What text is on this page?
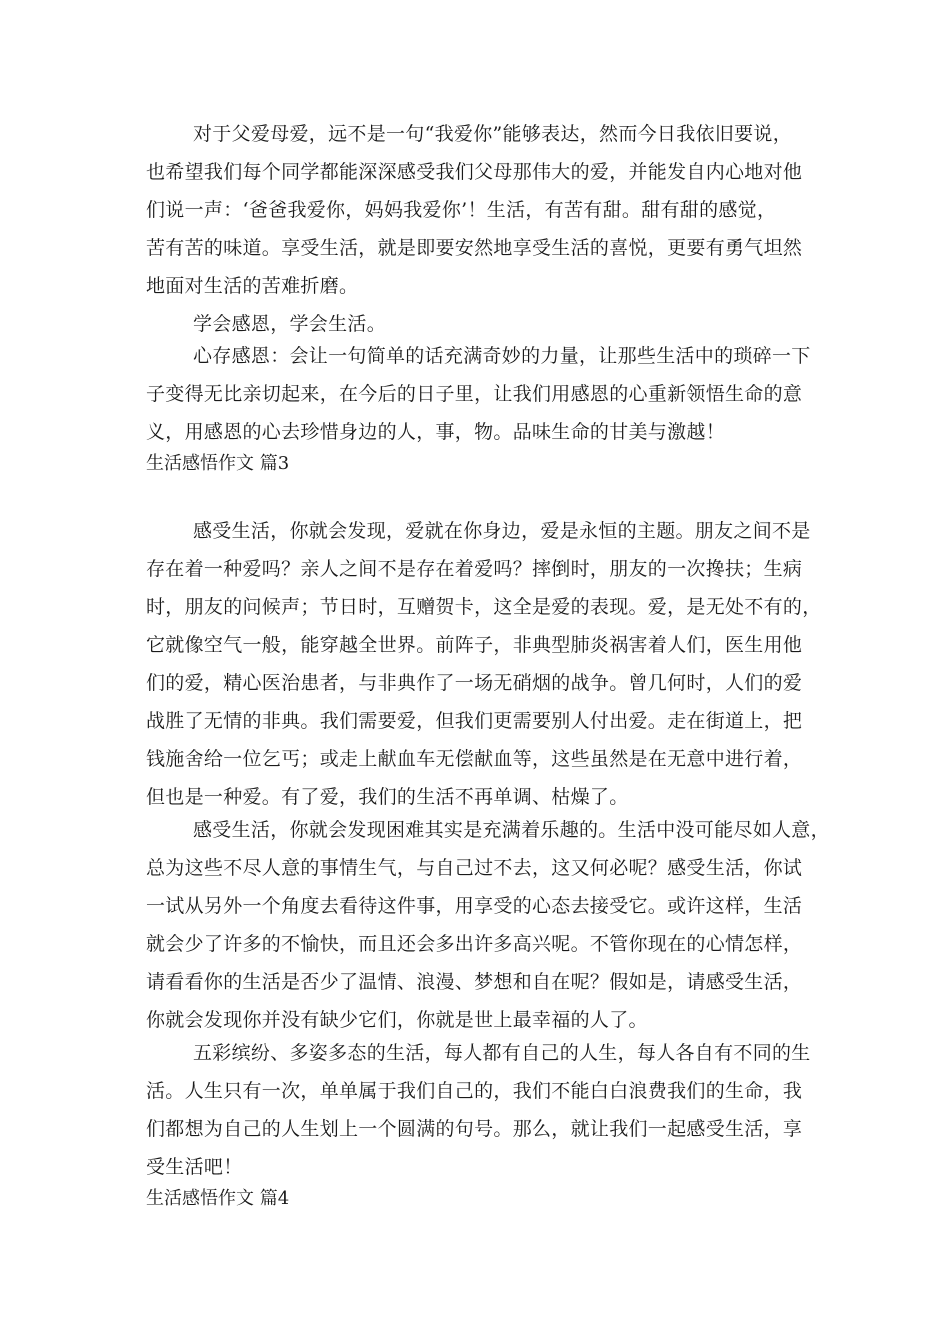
对于父爱母爱，远不是一句“我爱你”能够表达，然而今日我依旧要说，
也希望我们每个同学都能深深感受我们父母那伟大的爱，并能发自内心地对他
们说一声：‘爸爸我爱你，妈妈我爱你’！生活，有苦有甜。甜有甜的感觉，
苦有苦的味道。享受生活，就是即要安然地享受生活的喜悦，更要有勇气坦然
地面对生活的苦难折磨。
学会感恩，学会生活。
心存感恩：会让一句简单的话充满奇妙的力量，让那些生活中的琐碎一下
子变得无比亲切起来，在今后的日子里，让我们用感恩的心重新领悟生命的意
义，用感恩的心去珍惜身边的人，事，物。品味生命的甘美与激越！
生活感悟作文 篇3
感受生活，你就会发现，爱就在你身边，爱是永恒的主题。朋友之间不是
存在着一种爱吗？亲人之间不是存在着爱吗？摔倒时，朋友的一次搀扶；生病
时，朋友的问候声；节日时，互赠贺卡，这全是爱的表现。爱，是无处不有的，
它就像空气一般，能穿越全世界。前阵子，非典型肺炎祸害着人们，医生用他
们的爱，精心医治患者，与非典作了一场无硝烟的战争。曾几何时，人们的爱
战胜了无情的非典。我们需要爱，但我们更需要别人付出爱。走在街道上，把
钱施舍给一位乞丐；或走上献血车无偿献血等，这些虽然是在无意中进行着，
但也是一种爱。有了爱，我们的生活不再单调、枯燥了。
感受生活，你就会发现困难其实是充满着乐趣的。生活中没可能尽如人意，
总为这些不尽人意的事情生气，与自己过不去，这又何必呢？感受生活，你试
一试从另外一个角度去看待这件事，用享受的心态去接受它。或许这样，生活
就会少了许多的不愉快，而且还会多出许多高兴呢。不管你现在的心情怎样，
请看看你的生活是否少了温情、浪漫、梦想和自在呢？假如是，请感受生活，
你就会发现你并没有缺少它们，你就是世上最幸福的人了。
五彩缤纷、多姿多态的生活，每人都有自己的人生，每人各自有不同的生
活。人生只有一次，单单属于我们自己的，我们不能白白浪费我们的生命，我
们都想为自己的人生划上一个圆满的句号。那么，就让我们一起感受生活，享
受生活吧！
生活感悟作文 篇4
